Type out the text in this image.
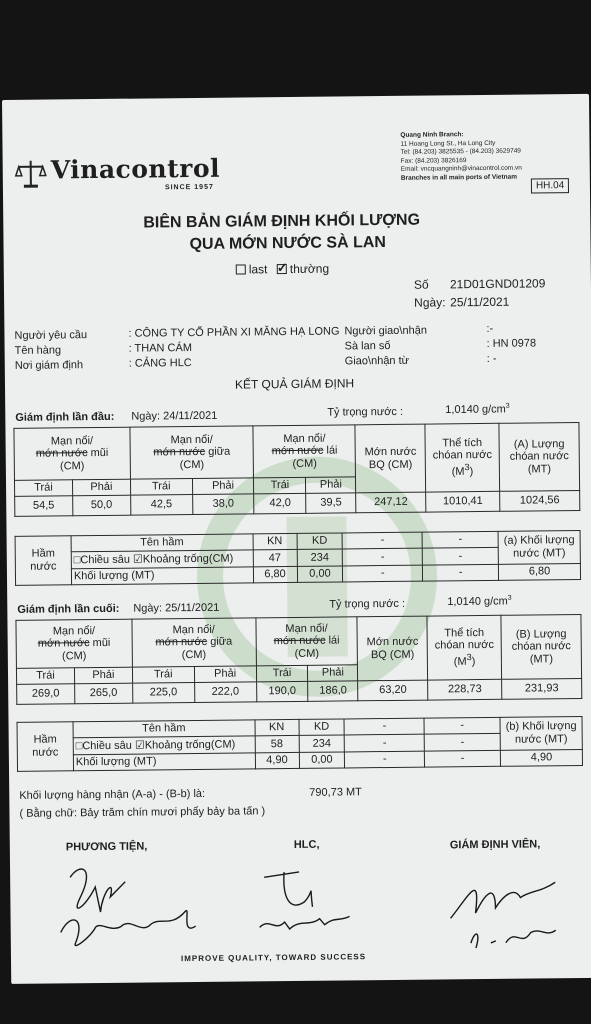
Vinacontrol
SINCE 1957
Quang Ninh Branch:
11 Hoang Long St., Ha Long City
Tel: (84.203) 3825535 - (84.203) 3629749
Fax: (84.203) 3826169
Email: vncquangninh@vinacontrol.com.vn
Branches in all main ports of Vietnam
HH.04
BIÊN BẢN GIÁM ĐỊNH KHỐI LƯỢNG
QUA MỚN NƯỚC SÀ LAN
last ✓ thường
Số 21D01GND01209
Ngày: 25/11/2021
Người yêu cầu	: CÔNG TY CỔ PHẦN XI MĂNG HẠ LONG
Tên hàng	: THAN CÁM
Nơi giám định	: CẢNG HLC
Người giao\nhận	:-
Sà lan số	: HN 0978
Giao\nhận từ	: -
KẾT QUẢ GIÁM ĐỊNH
Giám định lần đầu: Ngày: 24/11/2021	Tỷ trọng nước :	1,0140 $g/cm^3$
Mạn nổi/
mớn nước mũi
(CM)		Mạn nổi/
mớn nước giữa
(CM)		Mạn nổi/
mớn nước lái
(CM)		Mớn nước BQ (CM)	Thể tích chóan nước
$(M^3)$	(A) Lượng chóan nước (MT)
Trái	Phải	Trái	Phải	Trái	Phải			
54,5	50,0	42,5	38,0	42,0	39,5	247,12	1010,41	1024,56
Hầm nước	Tên hầm	KN	KD	-	-	(a) Khối lượng nước (MT)
	□Chiều sâu ☑Khoảng trống(CM)	47	234	-	-	
	Khối lượng (MT)	6,80	0,00	-	-	6,80
Giám định lần cuối: Ngày: 25/11/2021	Tỷ trọng nước :	1,0140 $g/cm^3$
Mạn nổi/
mớn nước mũi
(CM)		Mạn nổi/
mớn nước giữa
(CM)		Mạn nổi/
mớn nước lái
(CM)		Mớn nước BQ (CM)	Thể tích chóan nước
$(M^3)$	(B) Lượng chóan nước (MT)
Trái	Phải	Trái	Phải	Trái	Phải			
269,0	265,0	225,0	222,0	190,0	186,0	63,20	228,73	231,93
Hầm nước	Tên hầm	KN	KD	-	-	(b) Khối lượng nước (MT)
	□Chiều sâu ☑Khoảng trống(CM)	58	234	-	-	
	Khối lượng (MT)	4,90	0,00	-	-	4,90
Khối lượng hàng nhận (A-a) - (B-b) là:	790,73 MT
( Bằng chữ: Bảy trăm chín mươi phẩy bảy ba tấn )
PHƯƠNG TIỆN,	HLC,	GIÁM ĐỊNH VIÊN,
IMPROVE QUALITY, TOWARD SUCCESS
